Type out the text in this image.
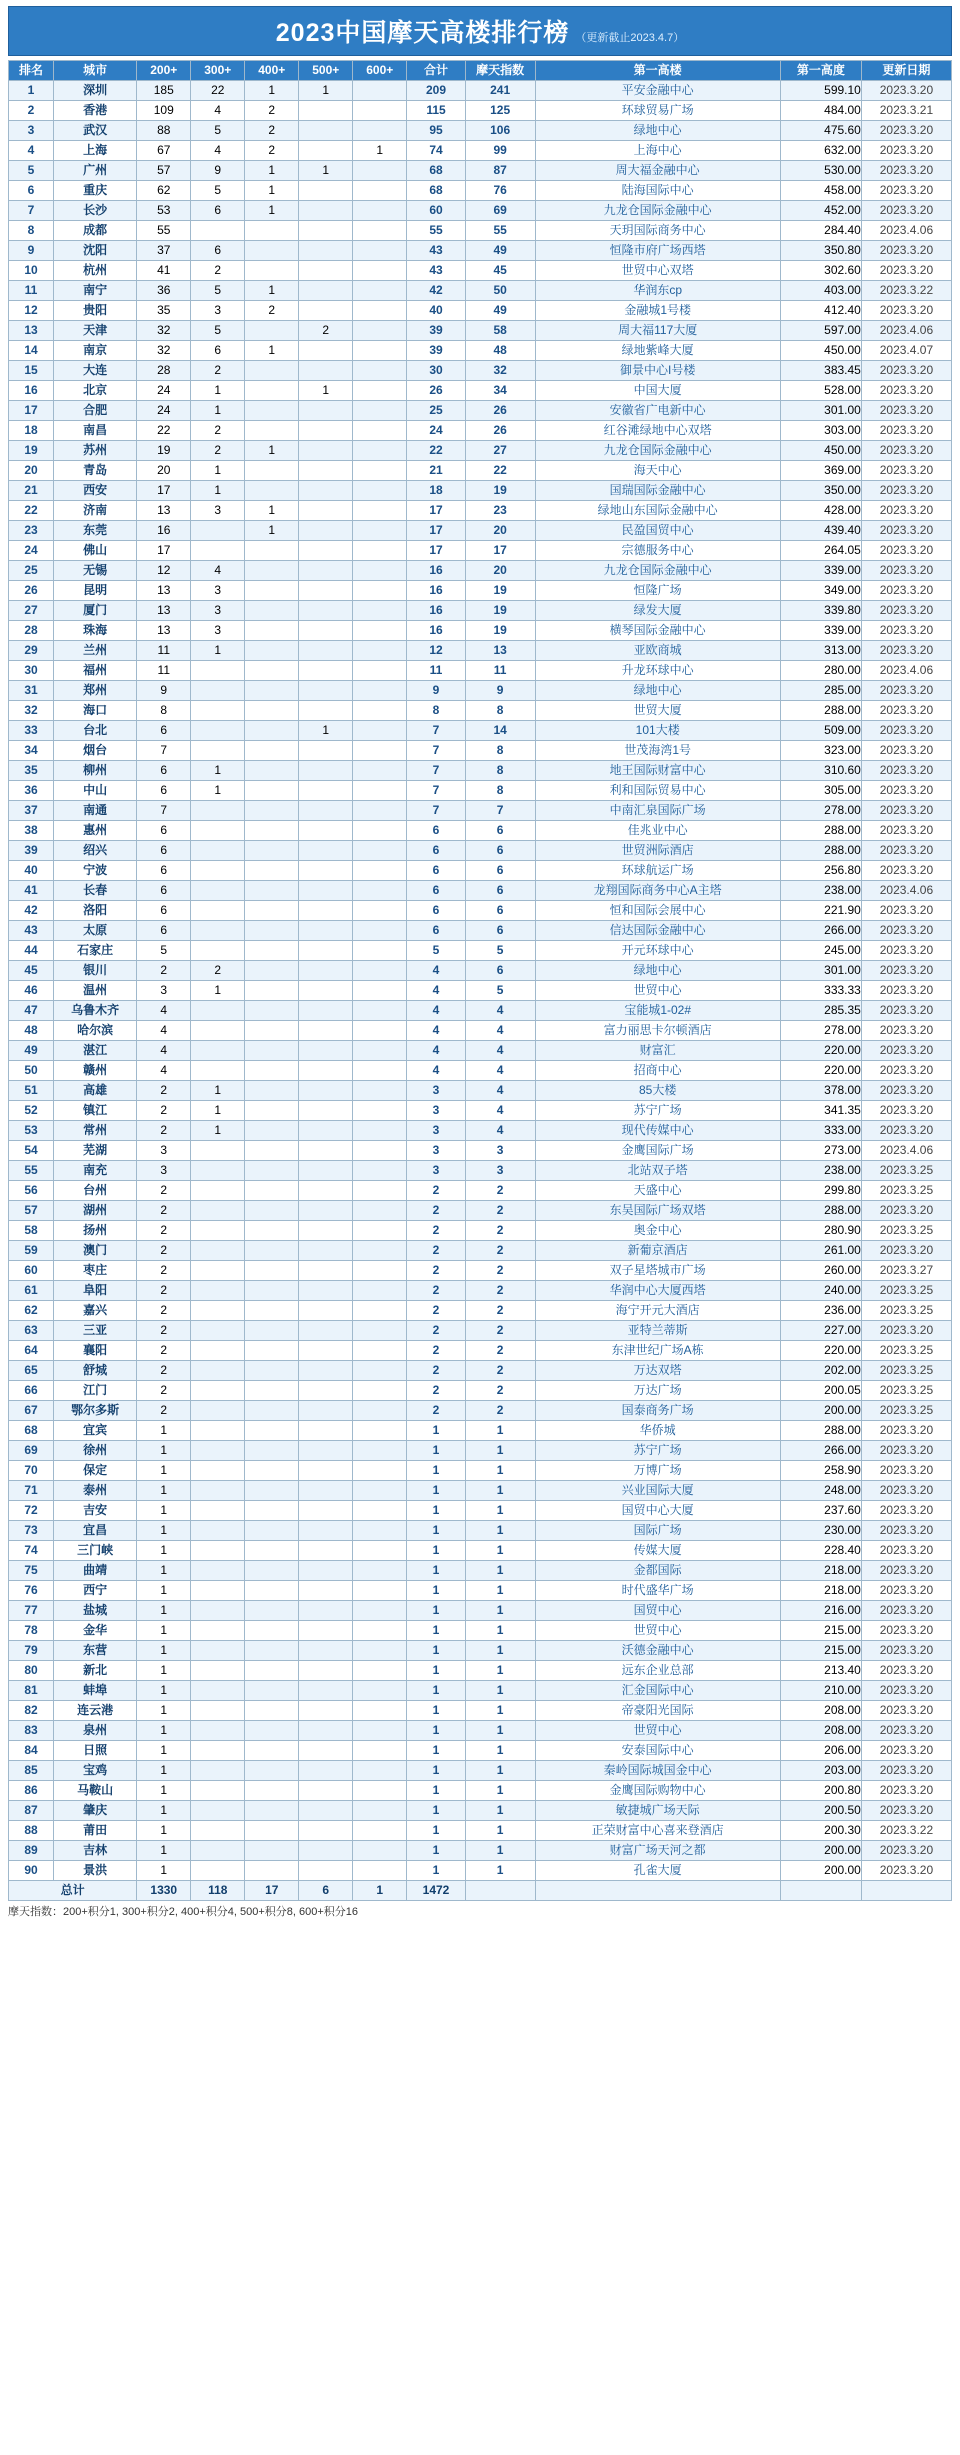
2023中国摩天高楼排行榜 （更新截止2023.4.7）
排名	城市	200+	300+	400+	500+	600+	合计	摩天指数	第一高楼	第一高度	更新日期
1	深圳	185	22	1	1		209	241	平安金融中心	599.10	2023.3.20
2	香港	109	4	2			115	125	环球贸易广场	484.00	2023.3.21
3	武汉	88	5	2			95	106	绿地中心	475.60	2023.3.20
4	上海	67	4	2		1	74	99	上海中心	632.00	2023.3.20
5	广州	57	9	1	1		68	87	周大福金融中心	530.00	2023.3.20
6	重庆	62	5	1			68	76	陆海国际中心	458.00	2023.3.20
7	长沙	53	6	1			60	69	九龙仓国际金融中心	452.00	2023.3.20
8	成都	55					55	55	天玥国际商务中心	284.40	2023.4.06
9	沈阳	37	6				43	49	恒隆市府广场西塔	350.80	2023.3.20
10	杭州	41	2				43	45	世贸中心双塔	302.60	2023.3.20
11	南宁	36	5	1			42	50	华润东ср	403.00	2023.3.22
12	贵阳	35	3	2			40	49	金融城1号楼	412.40	2023.3.20
13	天津	32	5		2		39	58	周大福117大厦	597.00	2023.4.06
14	南京	32	6	1			39	48	绿地紫峰大厦	450.00	2023.4.07
15	大连	28	2				30	32	御景中心I号楼	383.45	2023.3.20
16	北京	24	1		1		26	34	中国大厦	528.00	2023.3.20
17	合肥	24	1				25	26	安徽省广电新中心	301.00	2023.3.20
18	南昌	22	2				24	26	红谷滩绿地中心双塔	303.00	2023.3.20
19	苏州	19	2	1			22	27	九龙仓国际金融中心	450.00	2023.3.20
20	青岛	20	1				21	22	海天中心	369.00	2023.3.20
21	西安	17	1				18	19	国瑞国际金融中心	350.00	2023.3.20
22	济南	13	3	1			17	23	绿地山东国际金融中心	428.00	2023.3.20
23	东莞	16		1			17	20	民盈国贸中心	439.40	2023.3.20
24	佛山	17					17	17	宗德服务中心	264.05	2023.3.20
25	无锡	12	4				16	20	九龙仓国际金融中心	339.00	2023.3.20
26	昆明	13	3				16	19	恒隆广场	349.00	2023.3.20
27	厦门	13	3				16	19	绿发大厦	339.80	2023.3.20
28	珠海	13	3				16	19	横琴国际金融中心	339.00	2023.3.20
29	兰州	11	1				12	13	亚欧商城	313.00	2023.3.20
30	福州	11					11	11	升龙环球中心	280.00	2023.4.06
31	郑州	9					9	9	绿地中心	285.00	2023.3.20
32	海口	8					8	8	世贸大厦	288.00	2023.3.20
33	台北	6			1		7	14	101大楼	509.00	2023.3.20
34	烟台	7					7	8	世茂海湾1号	323.00	2023.3.20
35	柳州	6	1				7	8	地王国际财富中心	310.60	2023.3.20
36	中山	6	1				7	8	利和国际贸易中心	305.00	2023.3.20
37	南通	7					7	7	中南汇泉国际广场	278.00	2023.3.20
38	惠州	6					6	6	佳兆业中心	288.00	2023.3.20
39	绍兴	6					6	6	世贸洲际酒店	288.00	2023.3.20
40	宁波	6					6	6	环球航运广场	256.80	2023.3.20
41	长春	6					6	6	龙翔国际商务中心A主塔	238.00	2023.4.06
42	洛阳	6					6	6	恒和国际会展中心	221.90	2023.3.20
43	太原	6					6	6	信达国际金融中心	266.00	2023.3.20
44	石家庄	5					5	5	开元环球中心	245.00	2023.3.20
45	银川	2	2				4	6	绿地中心	301.00	2023.3.20
46	温州	3	1				4	5	世贸中心	333.33	2023.3.20
47	乌鲁木齐	4					4	4	宝能城1-02#	285.35	2023.3.20
48	哈尔滨	4					4	4	富力丽思卡尔顿酒店	278.00	2023.3.20
49	湛江	4					4	4	财富汇	220.00	2023.3.20
50	赣州	4					4	4	招商中心	220.00	2023.3.20
51	高雄	2	1				3	4	85大楼	378.00	2023.3.20
52	镇江	2	1				3	4	苏宁广场	341.35	2023.3.20
53	常州	2	1				3	4	现代传媒中心	333.00	2023.3.20
54	芜湖	3					3	3	金鹰国际广场	273.00	2023.4.06
55	南充	3					3	3	北站双子塔	238.00	2023.3.25
56	台州	2					2	2	天盛中心	299.80	2023.3.25
57	湖州	2					2	2	东吴国际广场双塔	288.00	2023.3.20
58	扬州	2					2	2	奥金中心	280.90	2023.3.25
59	澳门	2					2	2	新葡京酒店	261.00	2023.3.20
60	枣庄	2					2	2	双子星塔城市广场	260.00	2023.3.27
61	阜阳	2					2	2	华润中心大厦西塔	240.00	2023.3.25
62	嘉兴	2					2	2	海宁开元大酒店	236.00	2023.3.25
63	三亚	2					2	2	亚特兰蒂斯	227.00	2023.3.20
64	襄阳	2					2	2	东津世纪广场A栋	220.00	2023.3.25
65	舒城	2					2	2	万达双塔	202.00	2023.3.25
66	江门	2					2	2	万达广场	200.05	2023.3.25
67	鄂尔多斯	2					2	2	国泰商务广场	200.00	2023.3.25
68	宜宾	1					1	1	华侨城	288.00	2023.3.20
69	徐州	1					1	1	苏宁广场	266.00	2023.3.20
70	保定	1					1	1	万博广场	258.90	2023.3.20
71	泰州	1					1	1	兴业国际大厦	248.00	2023.3.20
72	吉安	1					1	1	国贸中心大厦	237.60	2023.3.20
73	宜昌	1					1	1	国际广场	230.00	2023.3.20
74	三门峡	1					1	1	传媒大厦	228.40	2023.3.20
75	曲靖	1					1	1	金都国际	218.00	2023.3.20
76	西宁	1					1	1	时代盛华广场	218.00	2023.3.20
77	盐城	1					1	1	国贸中心	216.00	2023.3.20
78	金华	1					1	1	世贸中心	215.00	2023.3.20
79	东营	1					1	1	沃德金融中心	215.00	2023.3.20
80	新北	1					1	1	远东企业总部	213.40	2023.3.20
81	蚌埠	1					1	1	汇金国际中心	210.00	2023.3.20
82	连云港	1					1	1	帝豪阳光国际	208.00	2023.3.20
83	泉州	1					1	1	世贸中心	208.00	2023.3.20
84	日照	1					1	1	安泰国际中心	206.00	2023.3.20
85	宝鸡	1					1	1	秦岭国际城国金中心	203.00	2023.3.20
86	马鞍山	1					1	1	金鹰国际购物中心	200.80	2023.3.20
87	肇庆	1					1	1	敏捷城广场天际	200.50	2023.3.20
88	莆田	1					1	1	正荣财富中心喜来登酒店	200.30	2023.3.22
89	吉林	1					1	1	财富广场天河之都	200.00	2023.3.20
90	景洪	1					1	1	孔雀大厦	200.00	2023.3.20
总计		1330	118	17	6	1	1472				
摩天指数：200+积分1, 300+积分2, 400+积分4, 500+积分8, 600+积分16
